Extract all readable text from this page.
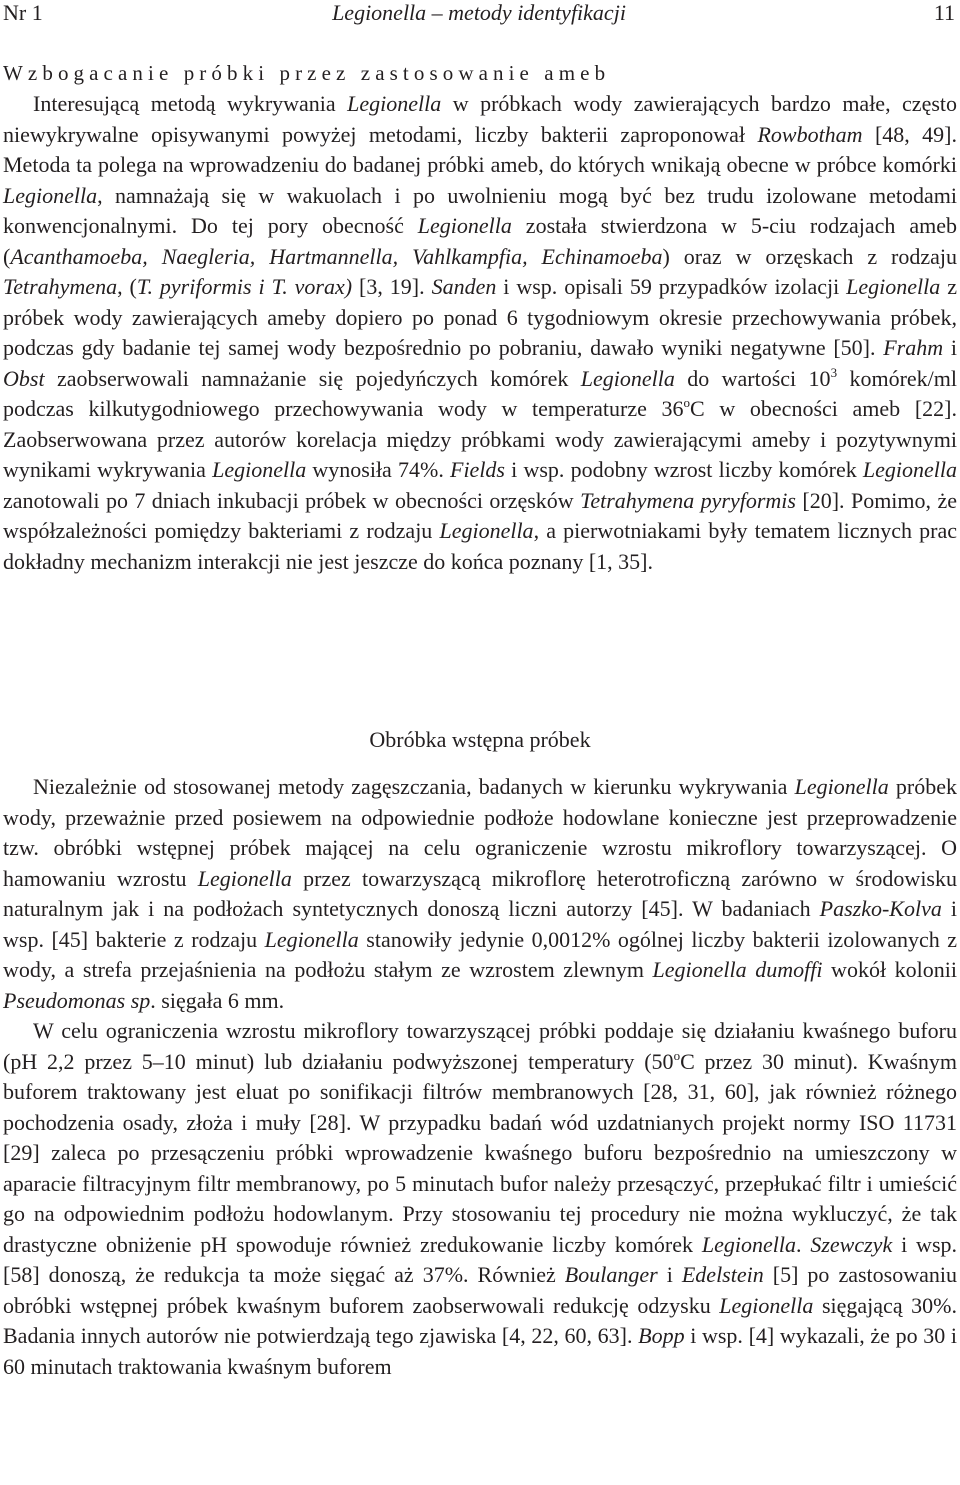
Nr 1	Legionella – metody identyfikacji	11
Wzbogacanie próbki przez zastosowanie ameb

Interesującą metodą wykrywania Legionella w próbkach wody zawierających bardzo małe, często niewykrywalne opisywanymi powyżej metodami, liczby bakterii zaproponował Rowbotham [48, 49]. Metoda ta polega na wprowadzeniu do badanej próbki ameb, do których wnikają obecne w próbce komórki Legionella, namnażają się w wakuolach i po uwolnieniu mogą być bez trudu izolowane metodami konwencjonalnymi. Do tej pory obecność Legionella została stwierdzona w 5-ciu rodzajach ameb (Acanthamoeba, Naegleria, Hartmannella, Vahlkampfia, Echinamoeba) oraz w orzęskach z rodzaju Tetrahymena, (T. pyriformis i T. vorax) [3, 19]. Sanden i wsp. opisali 59 przypadków izolacji Legionella z próbek wody zawierających ameby dopiero po ponad 6 tygodniowym okresie przechowywania próbek, podczas gdy badanie tej samej wody bezpośrednio po pobraniu, dawało wyniki negatywne [50]. Frahm i Obst zaobserwowali namnażanie się pojedyńczych komórek Legionella do wartości $10^3$ komórek/ml podczas kilkutygodniowego przechowywania wody w temperaturze 36$^o$C w obecności ameb [22]. Zaobserwowana przez autorów korelacja między próbkami wody zawierającymi ameby i pozytywnymi wynikami wykrywania Legionella wynosiła 74%. Fields i wsp. podobny wzrost liczby komórek Legionella zanotowali po 7 dniach inkubacji próbek w obecności orzęsków Tetrahymena pyryformis [20]. Pomimo, że współzależności pomiędzy bakteriami z rodzaju Legionella, a pierwotniakami były tematem licznych prac dokładny mechanizm interakcji nie jest jeszcze do końca poznany [1, 35].

Obróbka wstępna próbek

Niezależnie od stosowanej metody zagęszczania, badanych w kierunku wykrywania Legionella próbek wody, przeważnie przed posiewem na odpowiednie podłoże hodowlane konieczne jest przeprowadzenie tzw. obróbki wstępnej próbek mającej na celu ograniczenie wzrostu mikroflory towarzyszącej. O hamowaniu wzrostu Legionella przez towarzyszącą mikroflorę heterotroficzną zarówno w środowisku naturalnym jak i na podłożach syntetycznych donoszą liczni autorzy [45]. W badaniach Paszko-Kolva i wsp. [45] bakterie z rodzaju Legionella stanowiły jedynie 0,0012% ogólnej liczby bakterii izolowanych z wody, a strefa przejaśnienia na podłożu stałym ze wzrostem zlewnym Legionella dumoffi wokół kolonii Pseudomonas sp. sięgała 6 mm.

W celu ograniczenia wzrostu mikroflory towarzyszącej próbki poddaje się działaniu kwaśnego buforu (pH 2,2 przez 5–10 minut) lub działaniu podwyższonej temperatury (50$^o$C przez 30 minut). Kwaśnym buforem traktowany jest eluat po sonifikacji filtrów membranowych [28, 31, 60], jak również różnego pochodzenia osady, złoża i muły [28]. W przypadku badań wód uzdatnianych projekt normy ISO 11731 [29] zaleca po przesączeniu próbki wprowadzenie kwaśnego buforu bezpośrednio na umieszczony w aparacie filtracyjnym filtr membranowy, po 5 minutach bufor należy przesączyć, przepłukać filtr i umieścić go na odpowiednim podłożu hodowlanym. Przy stosowaniu tej procedury nie można wykluczyć, że tak drastyczne obniżenie pH spowoduje również zredukowanie liczby komórek Legionella. Szewczyk i wsp. [58] donoszą, że redukcja ta może sięgać aż 37%. Również Boulanger i Edelstein [5] po zastosowaniu obróbki wstępnej próbek kwaśnym buforem zaobserwowali redukcję odzysku Legionella sięgającą 30%. Badania innych autorów nie potwierdzają tego zjawiska [4, 22, 60, 63]. Bopp i wsp. [4] wykazali, że po 30 i 60 minutach traktowania kwaśnym buforem
